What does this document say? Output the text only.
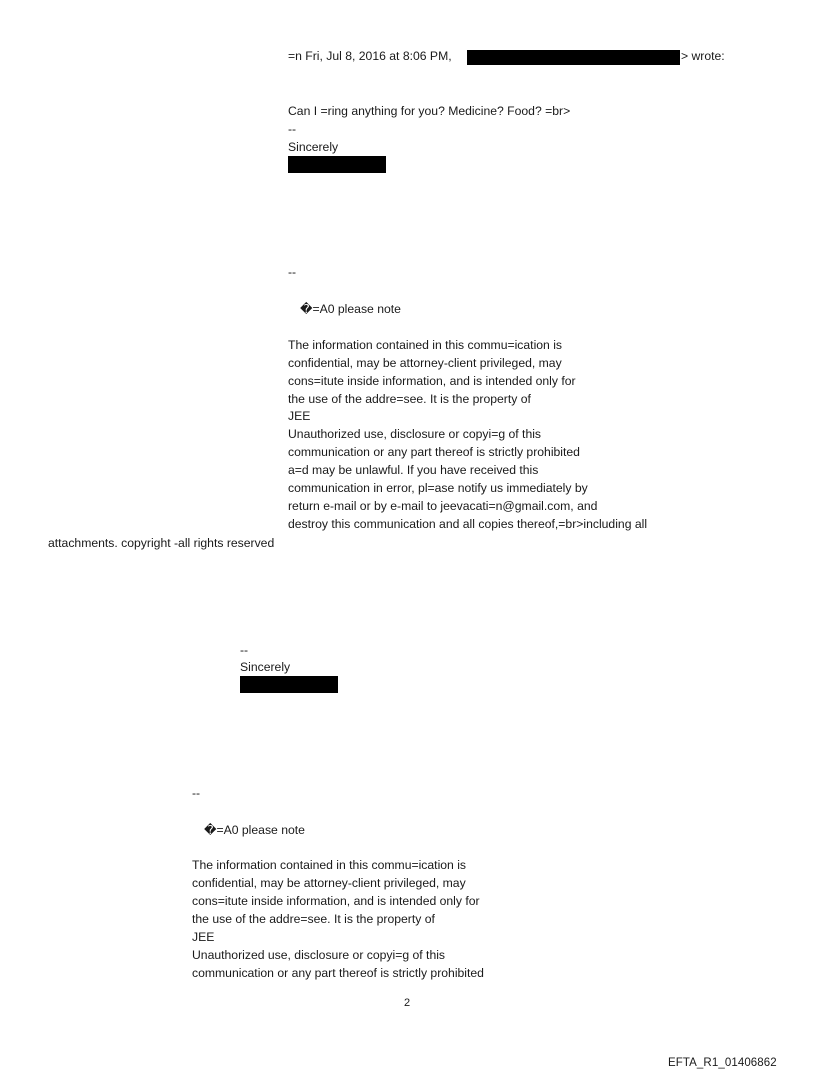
=n Fri, Jul 8, 2016 at 8:06 PM,	> wrote:
Can I =ring anything for you? Medicine? Food? =br>
--
Sincerely
--
�=A0 please note
The information contained in this commu=ication is
confidential, may be attorney-client privileged, may
cons=itute inside information, and is intended only for
the use of the addre=see. It is the property of
JEE
Unauthorized use, disclosure or copyi=g of this
communication or any part thereof is strictly prohibited
a=d may be unlawful. If you have received this
communication in error, pl=ase notify us immediately by
return e-mail or by e-mail to jeevacati=n@gmail.com, and
destroy this communication and all copies thereof,=br>including all
attachments. copyright -all rights reserved
--
Sincerely
--
�=A0 please note
The information contained in this commu=ication is
confidential, may be attorney-client privileged, may
cons=itute inside information, and is intended only for
the use of the addre=see. It is the property of
JEE
Unauthorized use, disclosure or copyi=g of this
communication or any part thereof is strictly prohibited
2
EFTA_R1_01406862
